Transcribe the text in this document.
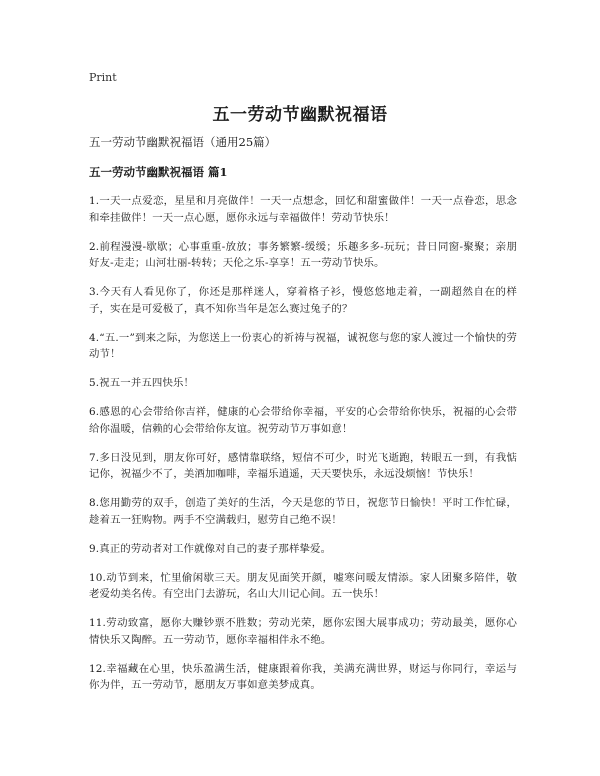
Print
五一劳动节幽默祝福语
五一劳动节幽默祝福语（通用25篇）
五一劳动节幽默祝福语 篇1

1.一天一点爱恋，星星和月亮做伴！一天一点想念，回忆和甜蜜做伴！一天一点眷恋，思念和牵挂做伴！一天一点心愿，愿你永远与幸福做伴！劳动节快乐！

2.前程漫漫-歇歇；心事重重-放放；事务繁繁-缓缓；乐趣多多-玩玩；昔日同窗-聚聚；亲朋好友-走走；山河壮丽-转转；天伦之乐-享享！五一劳动节快乐。

3.今天有人看见你了，你还是那样迷人，穿着格子衫，慢悠悠地走着，一副超然自在的样子，实在是可爱极了，真不知你当年是怎么赛过兔子的？

4.“五.一”到来之际，为您送上一份衷心的祈祷与祝福，诚祝您与您的家人渡过一个愉快的劳动节！

5.祝五一并五四快乐！

6.感恩的心会带给你吉祥，健康的心会带给你幸福，平安的心会带给你快乐，祝福的心会带给你温暖，信赖的心会带给你友谊。祝劳动节万事如意！

7.多日没见到，朋友你可好，感情靠联络，短信不可少，时光飞逝跑，转眼五一到，有我惦记你，祝福少不了，美酒加咖啡，幸福乐逍遥，天天要快乐，永远没烦恼！节快乐！

8.您用勤劳的双手，创造了美好的生活，今天是您的节日，祝您节日愉快！平时工作忙碌，趁着五一狂购物。两手不空满载归，慰劳自己绝不误！

9.真正的劳动者对工作就像对自己的妻子那样挚爱。

10.动节到来，忙里偷闲歇三天。朋友见面笑开颜，嘘寒问暖友情添。家人团聚多陪伴，敬老爱幼美名传。有空出门去游玩，名山大川记心间。五一快乐！

11.劳动致富，愿你大赚钞票不胜数；劳动光荣，愿你宏图大展事成功；劳动最美，愿你心情快乐又陶醉。五一劳动节，愿你幸福相伴永不绝。

12.幸福藏在心里，快乐盈满生活，健康跟着你我，美满充满世界，财运与你同行，幸运与你为伴，五一劳动节，愿朋友万事如意美梦成真。
